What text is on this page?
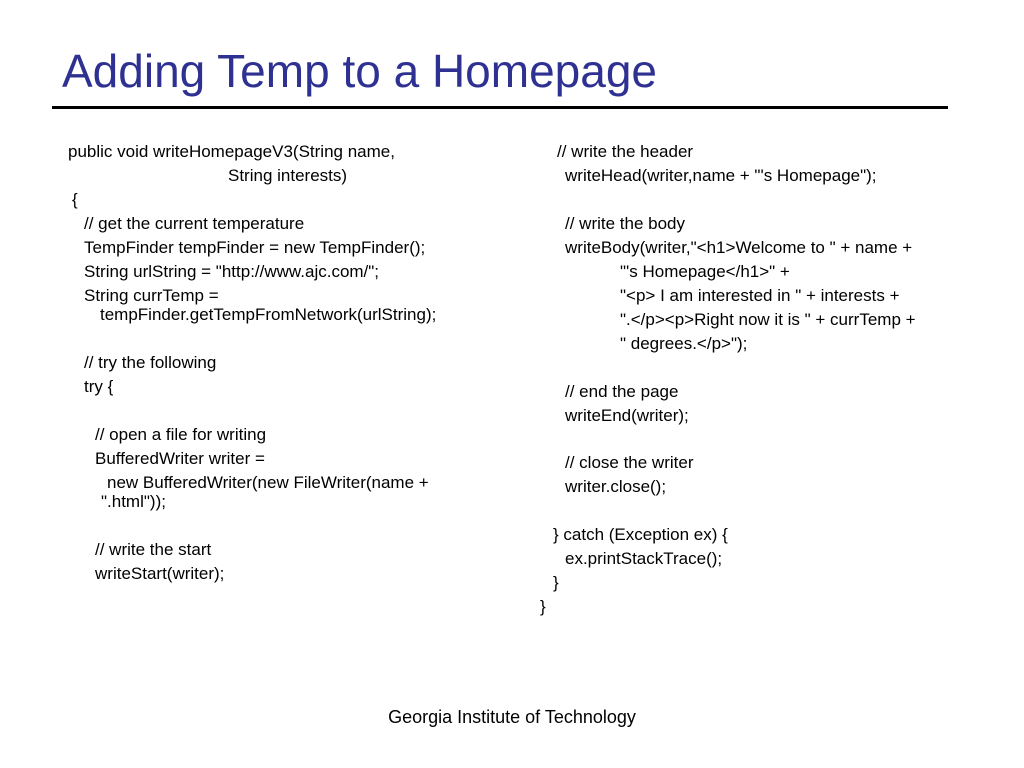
Adding Temp to a Homepage
public void writeHomepageV3(String name,
String interests)
{
// get the current temperature
TempFinder tempFinder = new TempFinder();
String urlString = "http://www.ajc.com/";
String currTemp =
tempFinder.getTempFromNetwork(urlString);
// try the following
try {
// open a file for writing
BufferedWriter writer =
new BufferedWriter(new FileWriter(name +
".html"));
// write the start
writeStart(writer);
// write the header
writeHead(writer,name + "'s Homepage");
// write the body
writeBody(writer,"<h1>Welcome to " + name +
"'s Homepage</h1>" +
"<p> I am interested in " + interests +
".</p><p>Right now it is " + currTemp +
" degrees.</p>");
// end the page
writeEnd(writer);
// close the writer
writer.close();
} catch (Exception ex) {
ex.printStackTrace();
}
}
Georgia Institute of Technology
